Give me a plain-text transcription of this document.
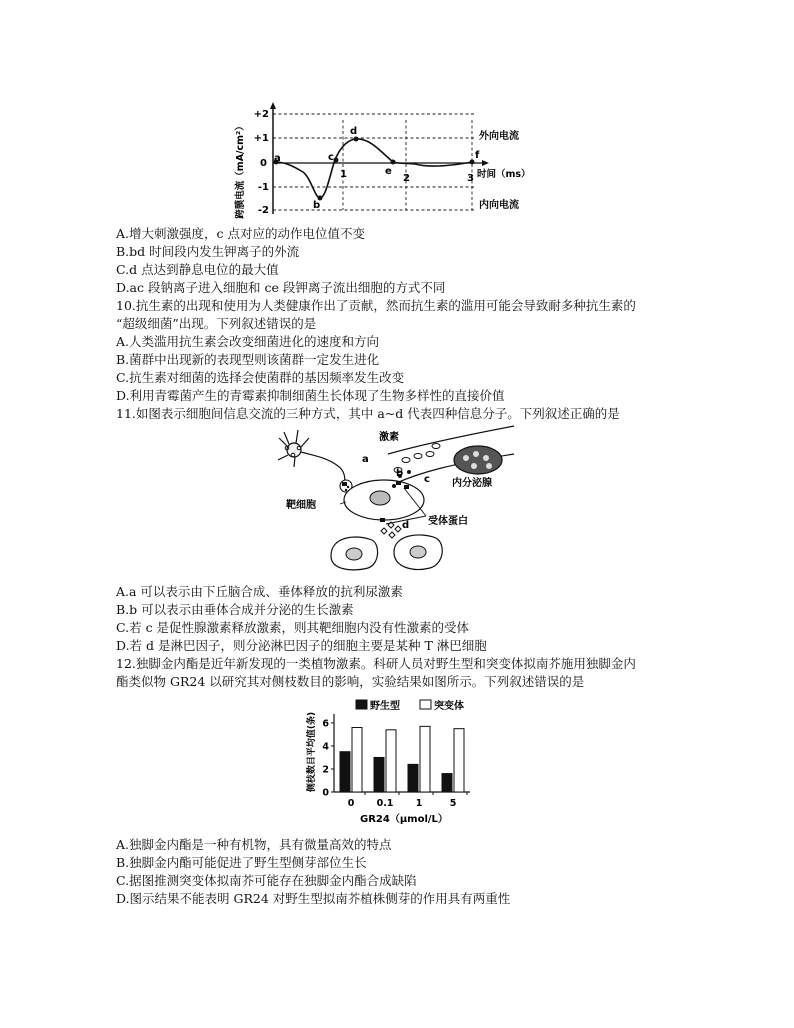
跨膜电流（mA/cm²）
+2
+1
0
-1
-2
1	2	3 时间（ms）
外向电流
内向电流
a
b
c
d
e
f
A.增大刺激强度，c 点对应的动作电位值不变
B.bd 时间段内发生钾离子的外流
C.d 点达到静息电位的最大值
D.ac 段钠离子进入细胞和 ce 段钾离子流出细胞的方式不同
10.抗生素的出现和使用为人类健康作出了贡献，然而抗生素的滥用可能会导致耐多种抗生素的
“超级细菌”出现。下列叙述错误的是
A.人类滥用抗生素会改变细菌进化的速度和方向
B.菌群中出现新的表现型则该菌群一定发生进化
C.抗生素对细菌的选择会使菌群的基因频率发生改变
D.利用青霉菌产生的青霉素抑制细菌生长体现了生物多样性的直接价值
11.如图表示细胞间信息交流的三种方式，其中 a~d 代表四种信息分子。下列叙述正确的是
激素
内分泌腺
靶细胞
受体蛋白
a
b
c
d
A.a 可以表示由下丘脑合成、垂体释放的抗利尿激素
B.b 可以表示由垂体合成并分泌的生长激素
C.若 c 是促性腺激素释放激素，则其靶细胞内没有性激素的受体
D.若 d 是淋巴因子，则分泌淋巴因子的细胞主要是某种 T 淋巴细胞
12.独脚金内酯是近年新发现的一类植物激素。科研人员对野生型和突变体拟南芥施用独脚金内
酯类似物 GR24 以研究其对侧枝数目的影响，实验结果如图所示。下列叙述错误的是
野生型	突变体
侧枝数目平均值(条)
0 0.1 1	5
0
2
4
6
GR24（μmol/L）
A.独脚金内酯是一种有机物，具有微量高效的特点
B.独脚金内酯可能促进了野生型侧芽部位生长
C.据图推测突变体拟南芥可能存在独脚金内酯合成缺陷
D.图示结果不能表明 GR24 对野生型拟南芥植株侧芽的作用具有两重性
